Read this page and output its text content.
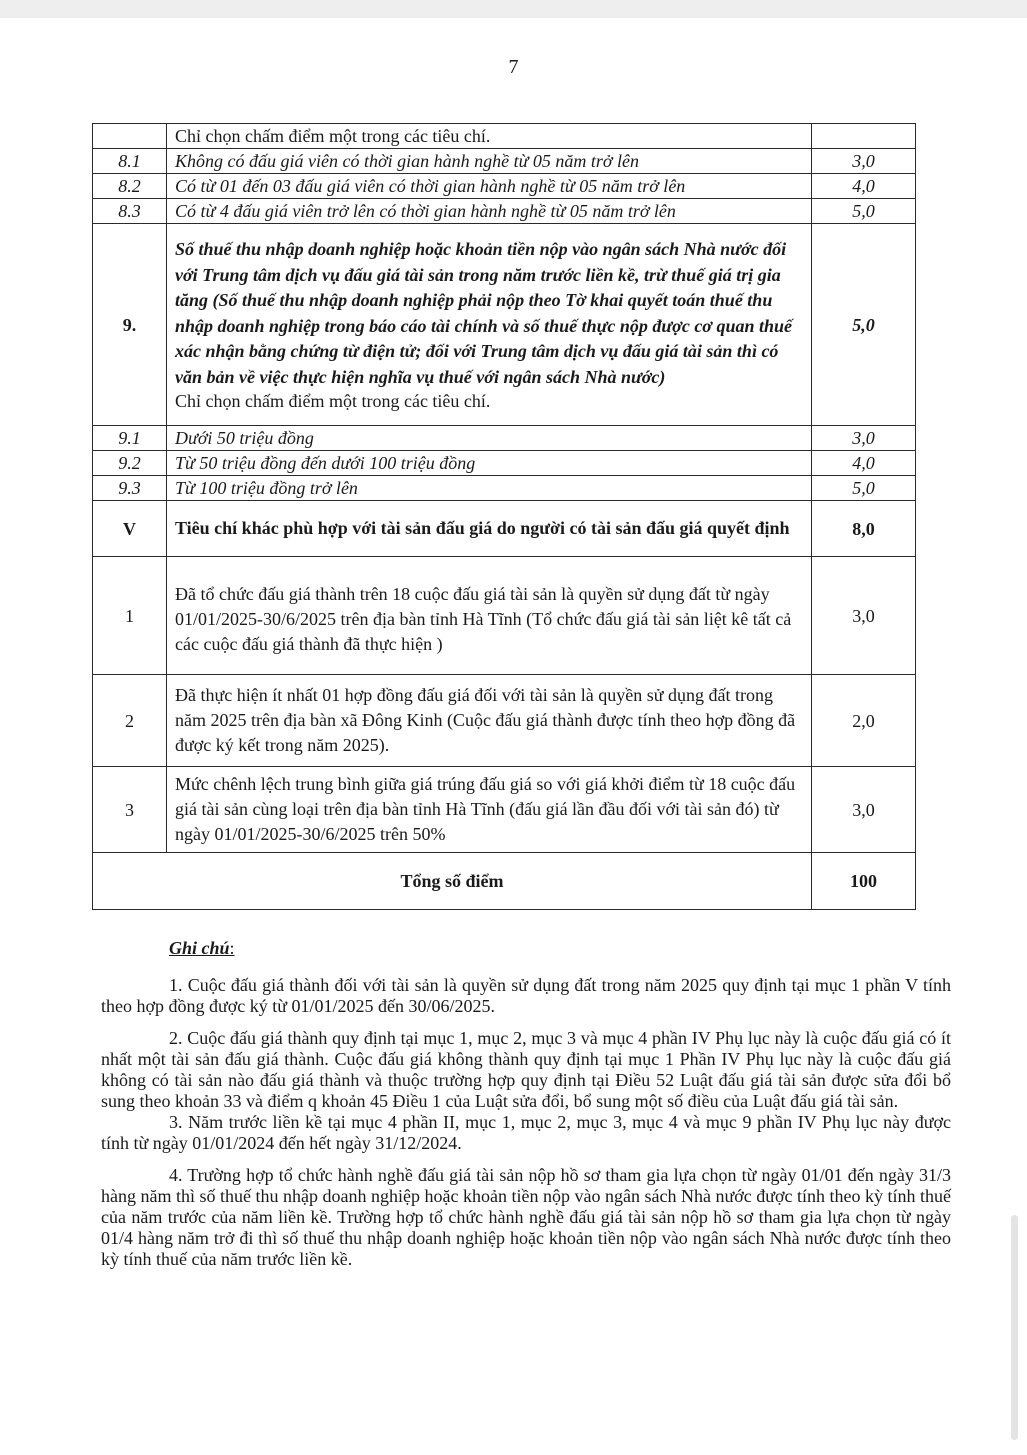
7
	Chỉ chọn chấm điểm một trong các tiêu chí.	
8.1	Không có đấu giá viên có thời gian hành nghề từ 05 năm trở lên	3,0
8.2	Có từ 01 đến 03 đấu giá viên có thời gian hành nghề từ 05 năm trở lên	4,0
8.3	Có từ 4 đấu giá viên trở lên có thời gian hành nghề từ 05 năm trở lên	5,0
9.	Số thuế thu nhập doanh nghiệp hoặc khoản tiền nộp vào ngân sách Nhà nước đối với Trung tâm dịch vụ đấu giá tài sản trong năm trước liền kề, trừ thuế giá trị gia tăng (Số thuế thu nhập doanh nghiệp phải nộp theo Tờ khai quyết toán thuế thu nhập doanh nghiệp trong báo cáo tài chính và số thuế thực nộp được cơ quan thuế xác nhận bằng chứng từ điện tử; đối với Trung tâm dịch vụ đấu giá tài sản thì có văn bản về việc thực hiện nghĩa vụ thuế với ngân sách Nhà nước)
Chỉ chọn chấm điểm một trong các tiêu chí.	5,0
9.1	Dưới 50 triệu đồng	3,0
9.2	Từ 50 triệu đồng đến dưới 100 triệu đồng	4,0
9.3	Từ 100 triệu đồng trở lên	5,0
V	Tiêu chí khác phù hợp với tài sản đấu giá do người có tài sản đấu giá quyết định	8,0
1	Đã tổ chức đấu giá thành trên 18 cuộc đấu giá tài sản là quyền sử dụng đất từ ngày 01/01/2025-30/6/2025 trên địa bàn tỉnh Hà Tĩnh (Tổ chức đấu giá tài sản liệt kê tất cả các cuộc đấu giá thành đã thực hiện )	3,0
2	Đã thực hiện ít nhất 01 hợp đồng đấu giá đối với tài sản là quyền sử dụng đất trong năm 2025 trên địa bàn xã Đông Kinh (Cuộc đấu giá thành được tính theo hợp đồng đã được ký kết trong năm 2025).	2,0
3	Mức chênh lệch trung bình giữa giá trúng đấu giá so với giá khởi điểm từ 18 cuộc đấu giá tài sản cùng loại trên địa bàn tỉnh Hà Tĩnh (đấu giá lần đầu đối với tài sản đó) từ ngày 01/01/2025-30/6/2025 trên 50%	3,0
Tổng số điểm		100
Ghi chú:

1. Cuộc đấu giá thành đối với tài sản là quyền sử dụng đất trong năm 2025 quy định tại mục 1 phần V tính theo hợp đồng được ký từ 01/01/2025 đến 30/06/2025.

2. Cuộc đấu giá thành quy định tại mục 1, mục 2, mục 3 và mục 4 phần IV Phụ lục này là cuộc đấu giá có ít nhất một tài sản đấu giá thành. Cuộc đấu giá không thành quy định tại mục 1 Phần IV Phụ lục này là cuộc đấu giá không có tài sản nào đấu giá thành và thuộc trường hợp quy định tại Điều 52 Luật đấu giá tài sản được sửa đổi bổ sung theo khoản 33 và điểm q khoản 45 Điều 1 của Luật sửa đổi, bổ sung một số điều của Luật đấu giá tài sản.

3. Năm trước liền kề tại mục 4 phần II, mục 1, mục 2, mục 3, mục 4 và mục 9 phần IV Phụ lục này được tính từ ngày 01/01/2024 đến hết ngày 31/12/2024.

4. Trường hợp tổ chức hành nghề đấu giá tài sản nộp hồ sơ tham gia lựa chọn từ ngày 01/01 đến ngày 31/3 hàng năm thì số thuế thu nhập doanh nghiệp hoặc khoản tiền nộp vào ngân sách Nhà nước được tính theo kỳ tính thuế của năm trước của năm liền kề. Trường hợp tổ chức hành nghề đấu giá tài sản nộp hồ sơ tham gia lựa chọn từ ngày 01/4 hàng năm trở đi thì số thuế thu nhập doanh nghiệp hoặc khoản tiền nộp vào ngân sách Nhà nước được tính theo kỳ tính thuế của năm trước liền kề.
